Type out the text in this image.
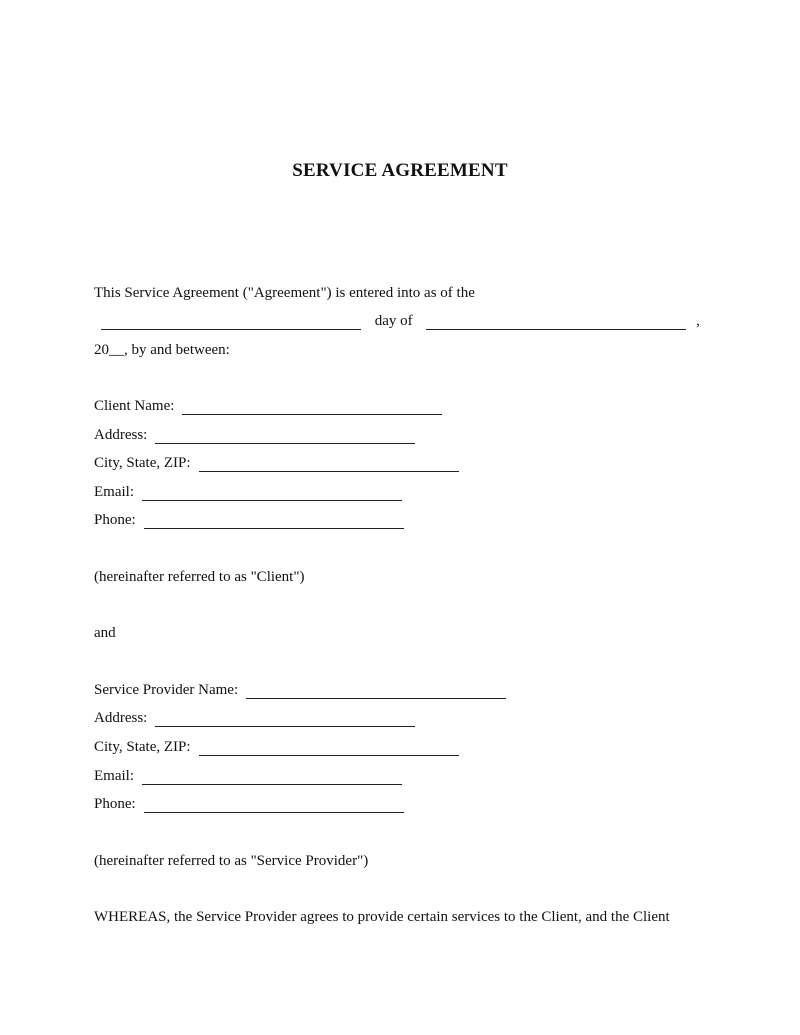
SERVICE AGREEMENT
This Service Agreement ("Agreement") is entered into as of the
day of	,
20__, by and between:
Client Name:
Address:
City, State, ZIP:
Email:
Phone:
(hereinafter referred to as "Client")
and
Service Provider Name:
Address:
City, State, ZIP:
Email:
Phone:
(hereinafter referred to as "Service Provider")
WHEREAS, the Service Provider agrees to provide certain services to the Client, and the Client
